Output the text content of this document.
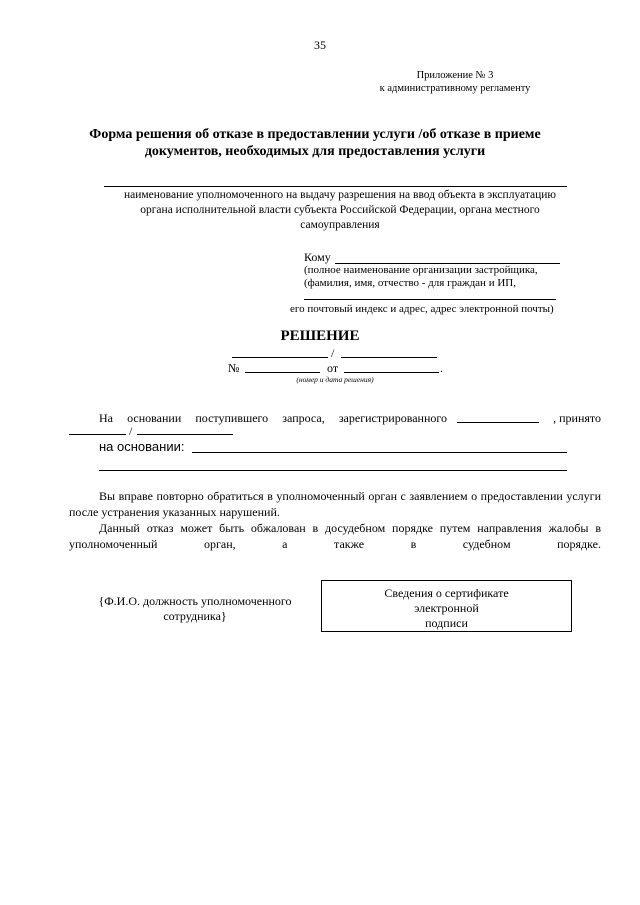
35
Приложение № 3
к административному регламенту
Форма решения об отказе в предоставлении услуги /об отказе в приеме
документов, необходимых для предоставления услуги
наименование уполномоченного на выдачу разрешения на ввод объекта в эксплуатацию
органа исполнительной власти субъекта Российской Федерации, органа местного
самоуправления
Кому
(полное наименование организации застройщика,
(фамилия, имя, отчество - для граждан и ИП,
его почтовый индекс и адрес, адрес электронной почты)
РЕШЕНИЕ
/
№	от	.
(номер и дата решения)
На основании поступившего запроса, зарегистрированного	, принято
/
на основании:
Вы вправе повторно обратиться в уполномоченный орган с заявлением о предоставлении услуги после устранения указанных нарушений.
Данный отказ может быть обжалован в досудебном порядке путем направления жалобы в уполномоченный орган, а также в судебном порядке.
{Ф.И.О. должность уполномоченного
сотрудника}
Сведения о сертификате
электронной
подписи
